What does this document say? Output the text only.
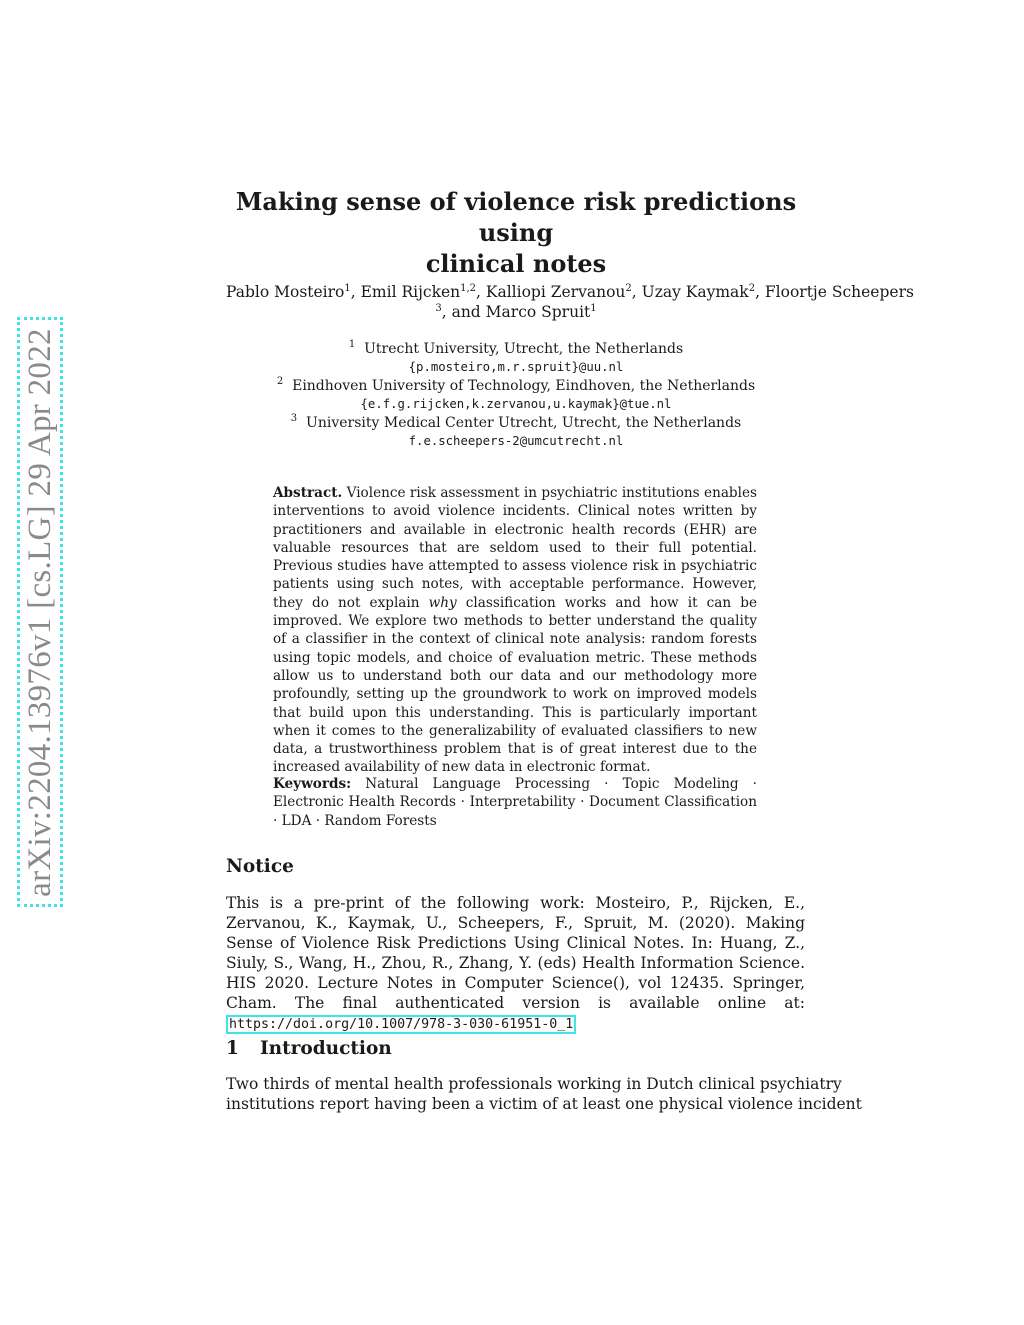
arXiv:2204.13976v1 [cs.LG] 29 Apr 2022
Making sense of violence risk predictions using
clinical notes
Pablo Mosteiro$^1$, Emil Rijcken$^{1,2}$, Kalliopi Zervanou$^2$, Uzay Kaymak$^2$, Floortje Scheepers
$^3$, and Marco Spruit$^1$
$^1$ Utrecht University, Utrecht, the Netherlands
{p.mosteiro,m.r.spruit}@uu.nl
$^2$ Eindhoven University of Technology, Eindhoven, the Netherlands
{e.f.g.rijcken,k.zervanou,u.kaymak}@tue.nl
$^3$ University Medical Center Utrecht, Utrecht, the Netherlands
f.e.scheepers-2@umcutrecht.nl
Abstract. Violence risk assessment in psychiatric institutions enables interventions to avoid violence incidents. Clinical notes written by practitioners and available in electronic health records (EHR) are valuable resources that are seldom used to their full potential. Previous studies have attempted to assess violence risk in psychiatric patients using such notes, with acceptable performance. However, they do not explain why classification works and how it can be improved. We explore two methods to better understand the quality of a classifier in the context of clinical note analysis: random forests using topic models, and choice of evaluation metric. These methods allow us to understand both our data and our methodology more profoundly, setting up the groundwork to work on improved models that build upon this understanding. This is particularly important when it comes to the generalizability of evaluated classifiers to new data, a trustworthiness problem that is of great interest due to the increased availability of new data in electronic format.
Keywords: Natural Language Processing · Topic Modeling · Electronic Health Records · Interpretability · Document Classification · LDA · Random Forests
Notice
This is a pre-print of the following work: Mosteiro, P., Rijcken, E., Zervanou, K., Kaymak, U., Scheepers, F., Spruit, M. (2020). Making Sense of Violence Risk Predictions Using Clinical Notes. In: Huang, Z., Siuly, S., Wang, H., Zhou, R., Zhang, Y. (eds) Health Information Science. HIS 2020. Lecture Notes in Computer Science(), vol 12435. Springer, Cham. The final authenticated version is available online at: https://doi.org/10.1007/978-3-030-61951-0_1
1 Introduction
Two thirds of mental health professionals working in Dutch clinical psychiatry
institutions report having been a victim of at least one physical violence incident
